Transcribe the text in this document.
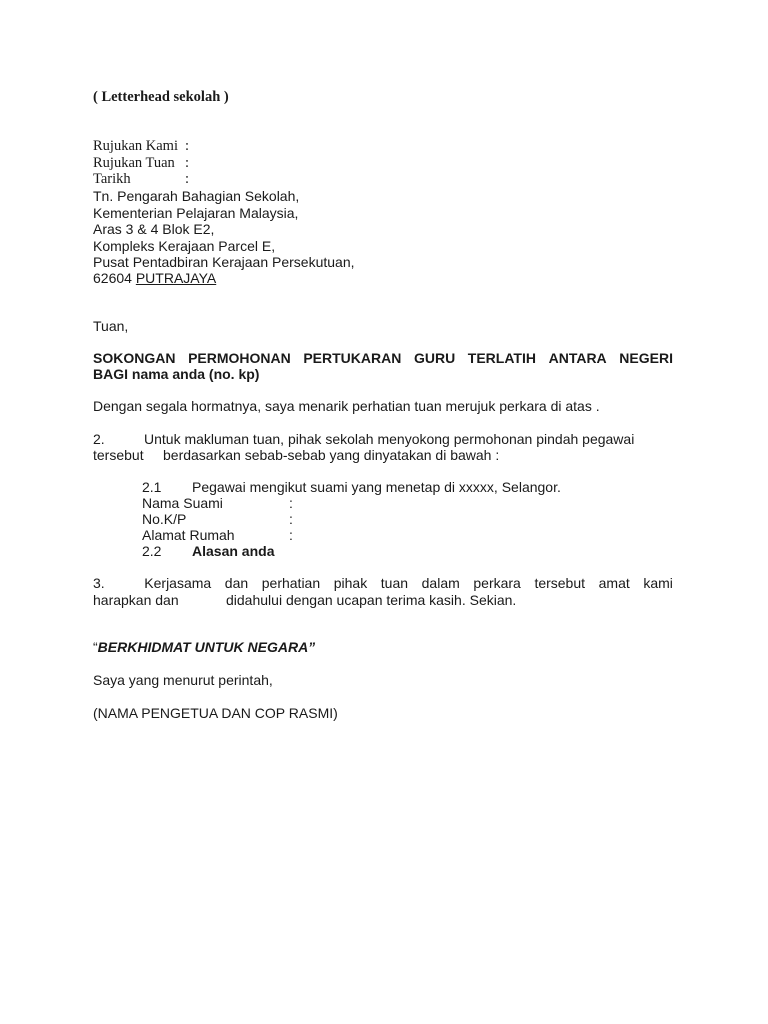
( Letterhead sekolah )
Rujukan Kami :
Rujukan Tuan :
Tarikh	:
Tn. Pengarah Bahagian Sekolah,
Kementerian Pelajaran Malaysia,
Aras 3 & 4 Blok E2,
Kompleks Kerajaan Parcel E,
Pusat Pentadbiran Kerajaan Persekutuan,
62604 PUTRAJAYA
Tuan,
SOKONGAN PERMOHONAN PERTUKARAN GURU TERLATIH ANTARA NEGERI
BAGI nama anda (no. kp)
Dengan segala hormatnya, saya menarik perhatian tuan merujuk perkara di atas .
2.	Untuk makluman tuan, pihak sekolah menyokong permohonan pindah pegawai
tersebut berdasarkan sebab-sebab yang dinyatakan di bawah :
2.1 Pegawai mengikut suami yang menetap di xxxxx, Selangor.
Nama Suami	:
No.K/P	:
Alamat Rumah	:
2.2 Alasan anda
3.	Kerjasama dan perhatian pihak tuan dalam perkara tersebut amat kami
harapkan dan	didahului dengan ucapan terima kasih. Sekian.
“BERKHIDMAT UNTUK NEGARA”
Saya yang menurut perintah,
(NAMA PENGETUA DAN COP RASMI)
